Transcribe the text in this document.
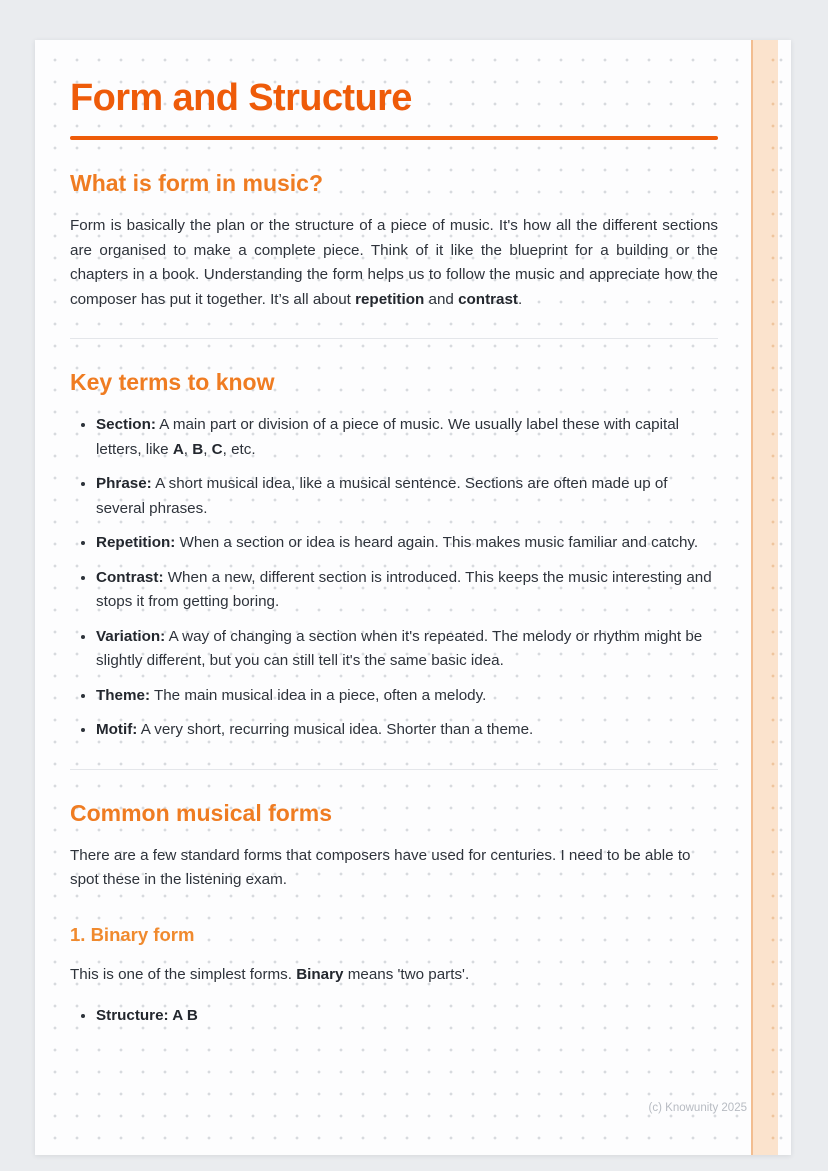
Form and Structure
What is form in music?

Form is basically the plan or the structure of a piece of music. It's how all the different sections are organised to make a complete piece. Think of it like the blueprint for a building or the chapters in a book. Understanding the form helps us to follow the music and appreciate how the composer has put it together. It’s all about repetition and contrast.

Key terms to know
• Section: A main part or division of a piece of music. We usually label these with capital letters, like A, B, C, etc.
• Phrase: A short musical idea, like a musical sentence. Sections are often made up of several phrases.
• Repetition: When a section or idea is heard again. This makes music familiar and catchy.
• Contrast: When a new, different section is introduced. This keeps the music interesting and stops it from getting boring.
• Variation: A way of changing a section when it's repeated. The melody or rhythm might be slightly different, but you can still tell it's the same basic idea.
• Theme: The main musical idea in a piece, often a melody.
• Motif: A very short, recurring musical idea. Shorter than a theme.
Common musical forms

There are a few standard forms that composers have used for centuries. I need to be able to spot these in the listening exam.

1. Binary form

This is one of the simplest forms. Binary means 'two parts'.

• Structure: A B
(c) Knowunity 2025
